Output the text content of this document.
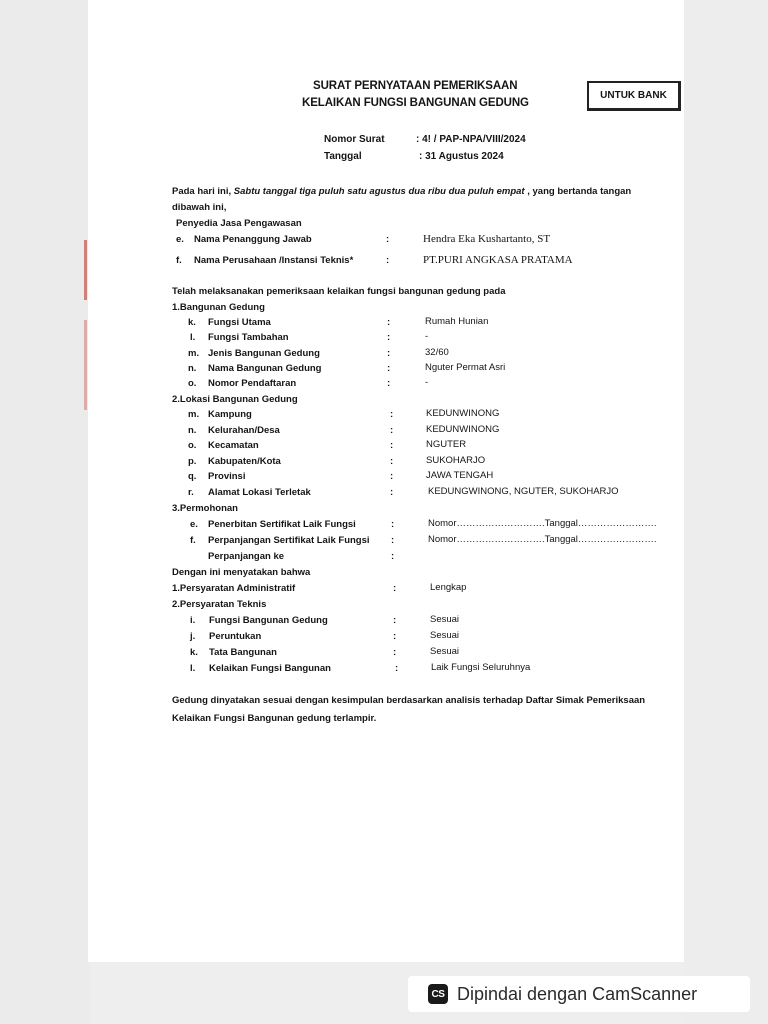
SURAT PERNYATAAN PEMERIKSAAN
KELAIKAN FUNGSI BANGUNAN GEDUNG
UNTUK BANK
Nomor Surat	: 4! / PAP-NPA/VIII/2024
Tanggal	: 31 Agustus 2024
Pada hari ini, Sabtu tanggal tiga puluh satu agustus dua ribu dua puluh empat , yang bertanda tangan
dibawah ini,
Penyedia Jasa Pengawasan
e. Nama Penanggung Jawab	:	Hendra Eka Kushartanto, ST
f. Nama Perusahaan /Instansi Teknis*	:	PT.PURI ANGKASA PRATAMA
Telah melaksanakan pemeriksaan kelaikan fungsi bangunan gedung pada
1.Bangunan Gedung
k. Fungsi Utama	:	Rumah Hunian
l. Fungsi Tambahan	:	-
m. Jenis Bangunan Gedung	:	32/60
n. Nama Bangunan Gedung	:	Nguter Permat Asri
o. Nomor Pendaftaran	:	-
2.Lokasi Bangunan Gedung
m. Kampung	:	KEDUNWINONG
n. Kelurahan/Desa	:	KEDUNWINONG
o. Kecamatan	:	NGUTER
p. Kabupaten/Kota	:	SUKOHARJO
q. Provinsi	:	JAWA TENGAH
r. Alamat Lokasi Terletak	:	KEDUNGWINONG, NGUTER, SUKOHARJO
3.Permohonan
e. Penerbitan Sertifikat Laik Fungsi	:	Nomor……………………….Tanggal…………………….
f. Perpanjangan Sertifikat Laik Fungsi :	Nomor……………………….Tanggal…………………….
Perpanjangan ke	:
Dengan ini menyatakan bahwa
1.Persyaratan Administratif	:	Lengkap
2.Persyaratan Teknis
i. Fungsi Bangunan Gedung	:	Sesuai
j. Peruntukan	:	Sesuai
k. Tata Bangunan	:	Sesuai
l. Kelaikan Fungsi Bangunan	:	Laik Fungsi Seluruhnya
Gedung dinyatakan sesuai dengan kesimpulan berdasarkan analisis terhadap Daftar Simak Pemeriksaan
Kelaikan Fungsi Bangunan gedung terlampir.
CS Dipindai dengan CamScanner
